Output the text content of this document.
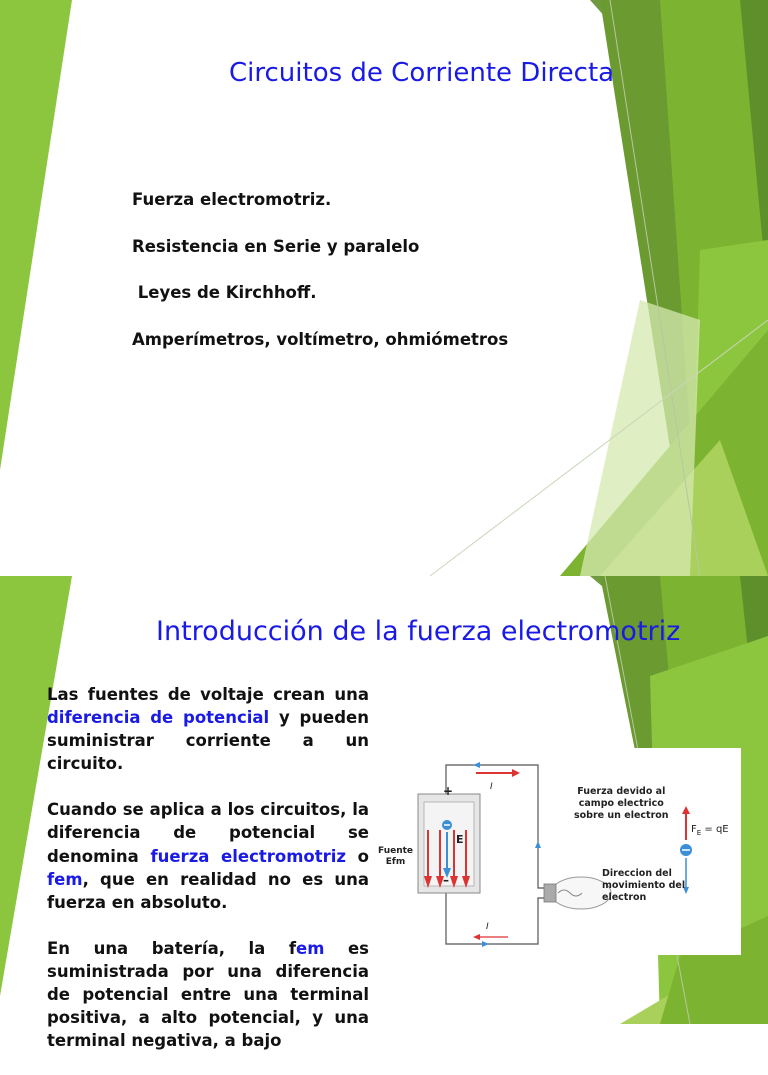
Circuitos de Corriente Directa
Fuerza electromotriz.
Resistencia en Serie y paralelo
Leyes de Kirchhoff.
Amperímetros, voltímetro, ohmiómetros
Introducción de la fuerza electromotriz

Las fuentes de voltaje crean una diferencia de potencial y pueden suministrar corriente a un circuito.

Cuando se aplica a los circuitos, la diferencia de potencial se denomina fuerza electromotriz o fem, que en realidad no es una fuerza en absoluto.

En una batería, la fem es suministrada por una diferencia de potencial entre una terminal positiva, a alto potencial, y una terminal negativa, a bajo

+
–
E
I
I
Fuente
Efm
Fuerza devido al
campo electrico
sobre un electron
$F_E$ = qE
Direccion del
movimiento del
electron
